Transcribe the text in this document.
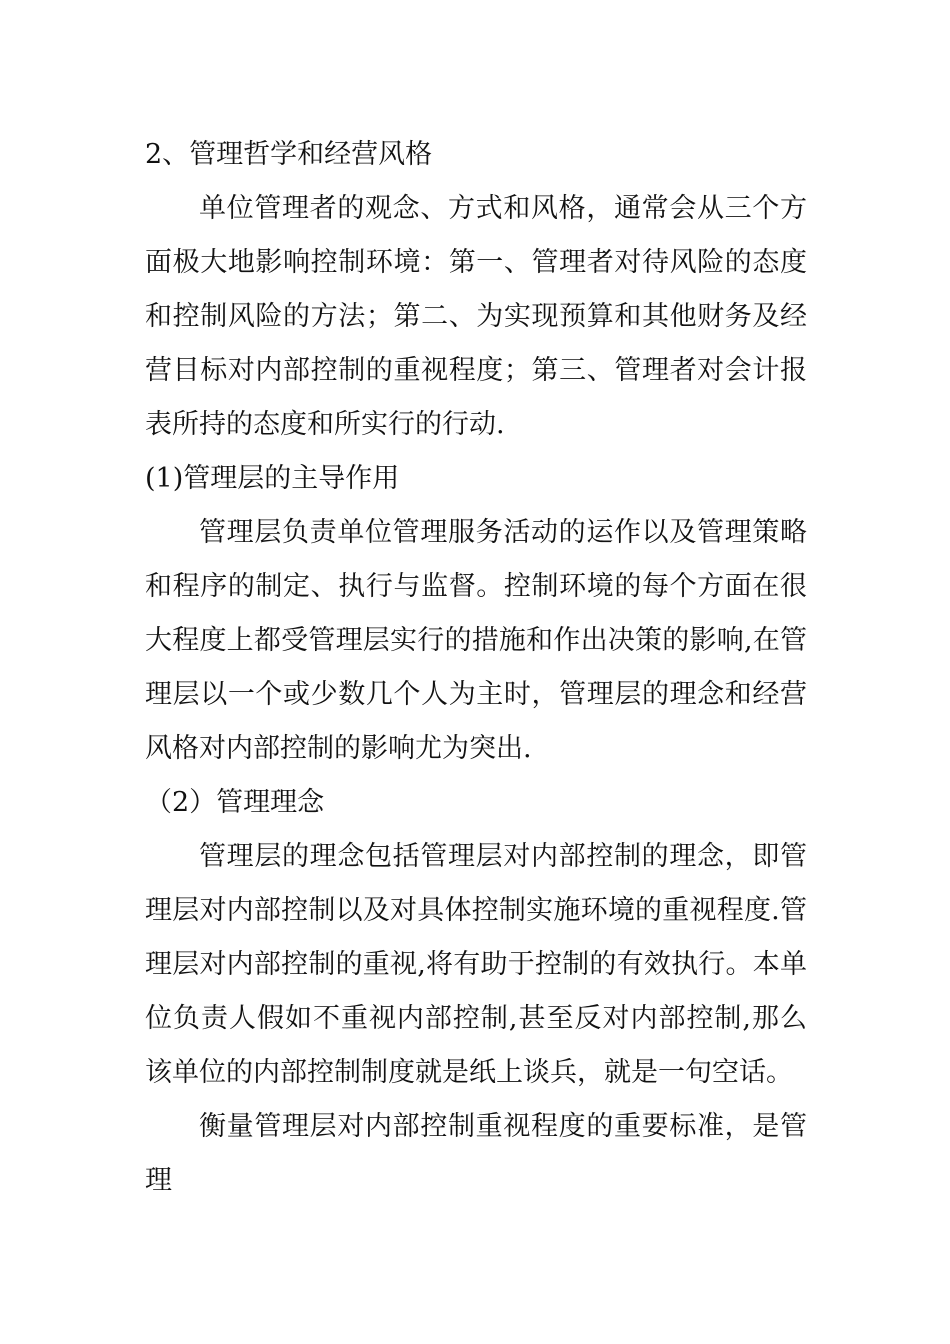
2、管理哲学和经营风格

单位管理者的观念、方式和风格，通常会从三个方面极大地影响控制环境：第一、管理者对待风险的态度和控制风险的方法；第二、为实现预算和其他财务及经营目标对内部控制的重视程度；第三、管理者对会计报表所持的态度和所实行的行动.

(1)管理层的主导作用

管理层负责单位管理服务活动的运作以及管理策略和程序的制定、执行与监督。控制环境的每个方面在很大程度上都受管理层实行的措施和作出决策的影响,在管理层以一个或少数几个人为主时，管理层的理念和经营风格对内部控制的影响尤为突出.

（2）管理理念

管理层的理念包括管理层对内部控制的理念，即管理层对内部控制以及对具体控制实施环境的重视程度.管理层对内部控制的重视,将有助于控制的有效执行。本单位负责人假如不重视内部控制,甚至反对内部控制,那么该单位的内部控制制度就是纸上谈兵，就是一句空话。

衡量管理层对内部控制重视程度的重要标准，是管理
